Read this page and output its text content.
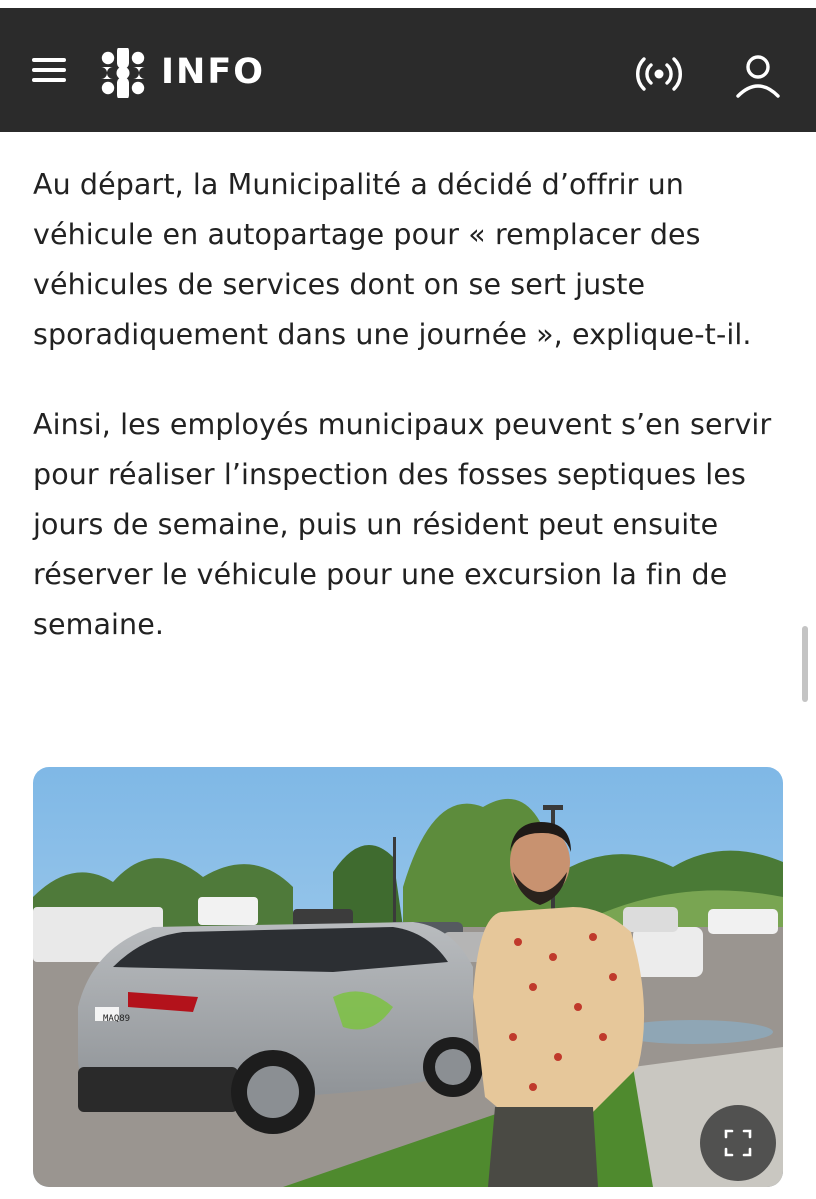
INFO

Au départ, la Municipalité a décidé d’offrir un véhicule en autopartage pour « remplacer des véhicules de services dont on se sert juste sporadiquement dans une journée », explique-t-il.

Ainsi, les employés municipaux peuvent s’en servir pour réaliser l’inspection des fosses septiques les jours de semaine, puis un résident peut ensuite réserver le véhicule pour une excursion la fin de semaine.

MAQ89
